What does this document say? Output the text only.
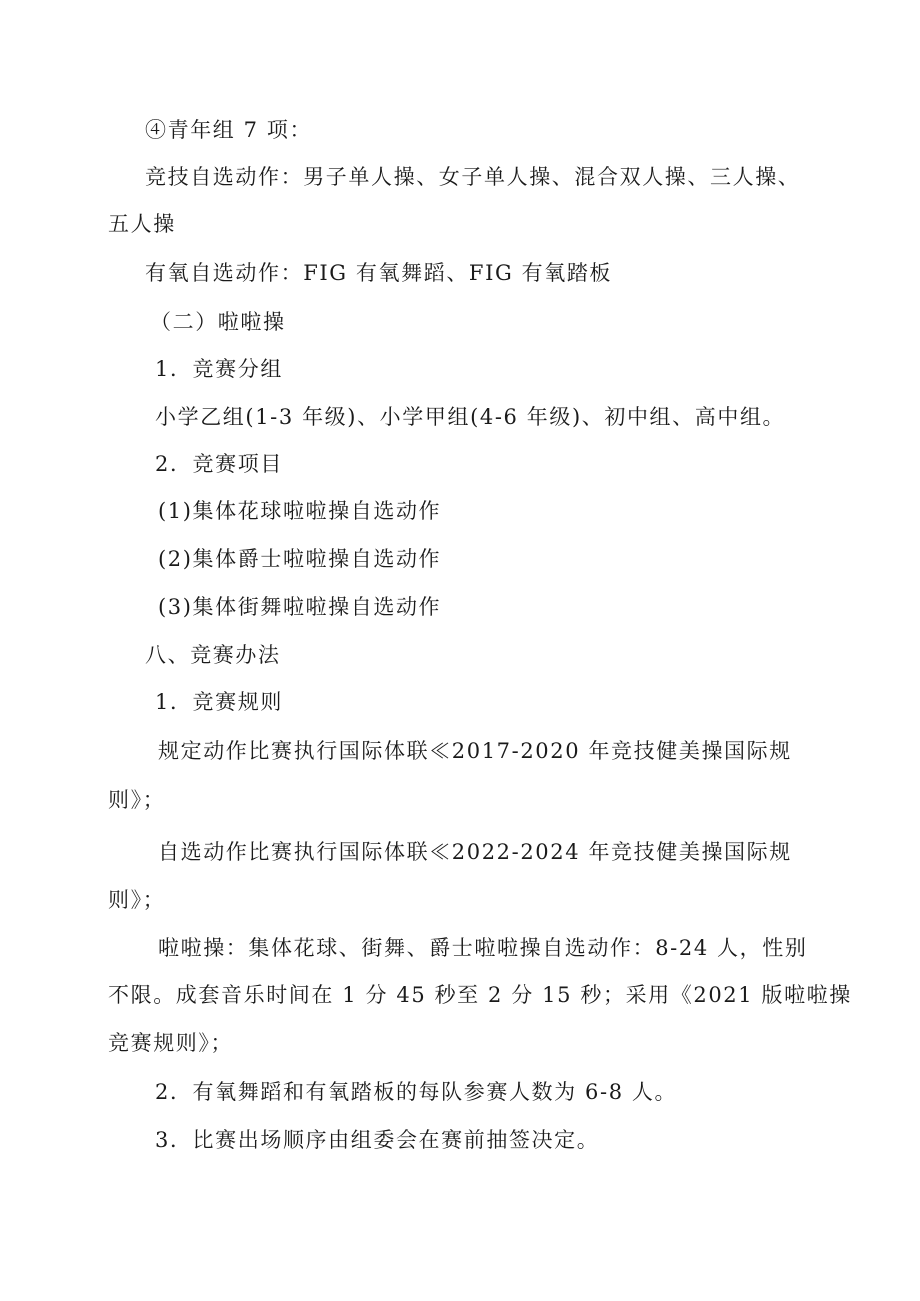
④青年组 7 项：
竞技自选动作：男子单人操、女子单人操、混合双人操、三人操、
五人操
有氧自选动作：FIG 有氧舞蹈、FIG 有氧踏板
（二）啦啦操
1．竞赛分组
小学乙组(1-3 年级)、小学甲组(4-6 年级)、初中组、高中组。
2．竞赛项目
(1)集体花球啦啦操自选动作
(2)集体爵士啦啦操自选动作
(3)集体街舞啦啦操自选动作
八、竞赛办法
1．竞赛规则
规定动作比赛执行国际体联≪2017-2020 年竞技健美操国际规
则》；
自选动作比赛执行国际体联≪2022-2024 年竞技健美操国际规
则》；
啦啦操：集体花球、街舞、爵士啦啦操自选动作：8-24 人，性别
不限。成套音乐时间在 1 分 45 秒至 2 分 15 秒；采用《2021 版啦啦操
竞赛规则》；
2．有氧舞蹈和有氧踏板的每队参赛人数为 6-8 人。
3．比赛出场顺序由组委会在赛前抽签决定。
